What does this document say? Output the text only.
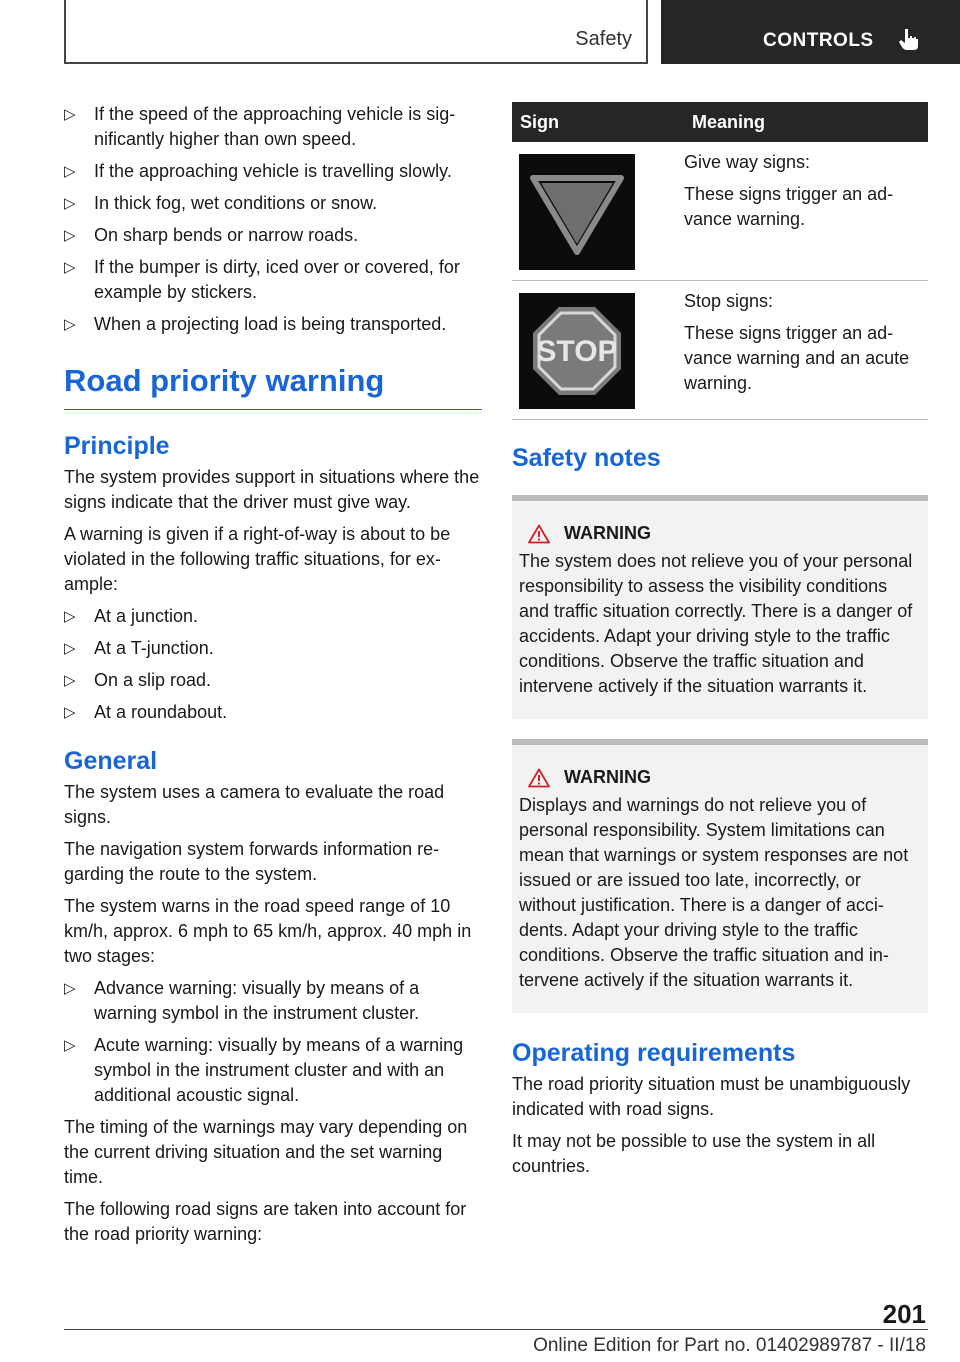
Safety	CONTROLS
▷ If the speed of the approaching vehicle is significantly higher than own speed.
▷ If the approaching vehicle is travelling slowly.
▷ In thick fog, wet conditions or snow.
▷ On sharp bends or narrow roads.
▷ If the bumper is dirty, iced over or covered, for example by stickers.
▷ When a projecting load is being transported.
Road priority warning
Principle

The system provides support in situations where the signs indicate that the driver must give way.

A warning is given if a right-of-way is about to be violated in the following traffic situations, for example:

▷ At a junction.
▷ At a T-junction.
▷ On a slip road.
▷ At a roundabout.
General

The system uses a camera to evaluate the road signs.

The navigation system forwards information regarding the route to the system.

The system warns in the road speed range of 10 km/h, approx. 6 mph to 65 km/h, approx. 40 mph in two stages:

▷ Advance warning: visually by means of a warning symbol in the instrument cluster.
▷ Acute warning: visually by means of a warning symbol in the instrument cluster and with an additional acoustic signal.

The timing of the warnings may vary depending on the current driving situation and the set warning time.

The following road signs are taken into account for the road priority warning:

Sign	Meaning

Give way signs:

These signs trigger an advance warning.

STOP	Stop signs:

These signs trigger an advance warning and an acute warning.

Safety notes
WARNING

The system does not relieve you of your personal responsibility to assess the visibility conditions and traffic situation correctly. There is a danger of accidents. Adapt your driving style to the traffic conditions. Observe the traffic situation and intervene actively if the situation warrants it.

WARNING

Displays and warnings do not relieve you of personal responsibility. System limitations can mean that warnings or system responses are not issued or are issued too late, incorrectly, or without justification. There is a danger of accidents. Adapt your driving style to the traffic conditions. Observe the traffic situation and intervene actively if the situation warrants it.

Operating requirements

The road priority situation must be unambiguously indicated with road signs.

It may not be possible to use the system in all countries.

201
Online Edition for Part no. 01402989787 - II/18
